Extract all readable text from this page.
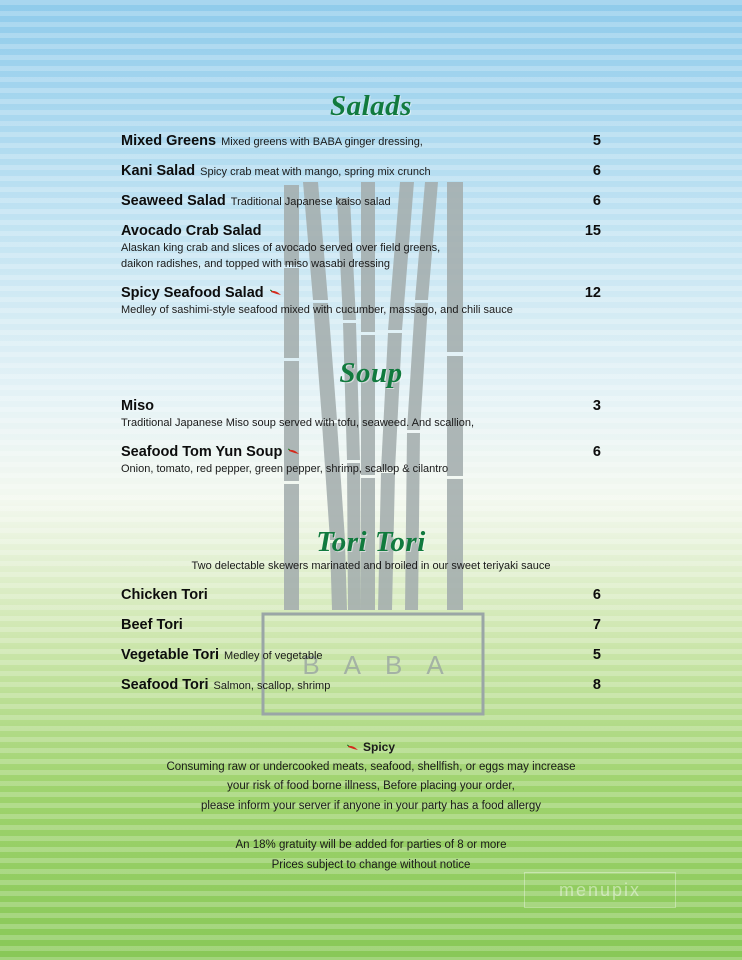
BABA
Salads
Mixed Greens Mixed greens with BABA ginger dressing,	5
Kani Salad Spicy crab meat with mango, spring mix crunch	6
Seaweed Salad Traditional Japanese kaiso salad	6
Avocado Crab Salad	15
Alaskan king crab and slices of avocado served over field greens,
daikon radishes, and topped with miso wasabi dressing
Spicy Seafood Salad	12
Medley of sashimi-style seafood mixed with cucumber, massago, and chili sauce
Soup
Miso	3
Traditional Japanese Miso soup served with tofu, seaweed. And scallion,
Seafood Tom Yun Soup	6
Onion, tomato, red pepper, green pepper, shrimp, scallop & cilantro
Tori Tori
Two delectable skewers marinated and broiled in our sweet teriyaki sauce
Chicken Tori	6
Beef Tori	7
Vegetable Tori Medley of vegetable	5
Seafood Tori Salmon, scallop, shrimp	8
Spicy
Consuming raw or undercooked meats, seafood, shellfish, or eggs may increase
your risk of food borne illness, Before placing your order,
please inform your server if anyone in your party has a food allergy
An 18% gratuity will be added for parties of 8 or more
Prices subject to change without notice
menupix
